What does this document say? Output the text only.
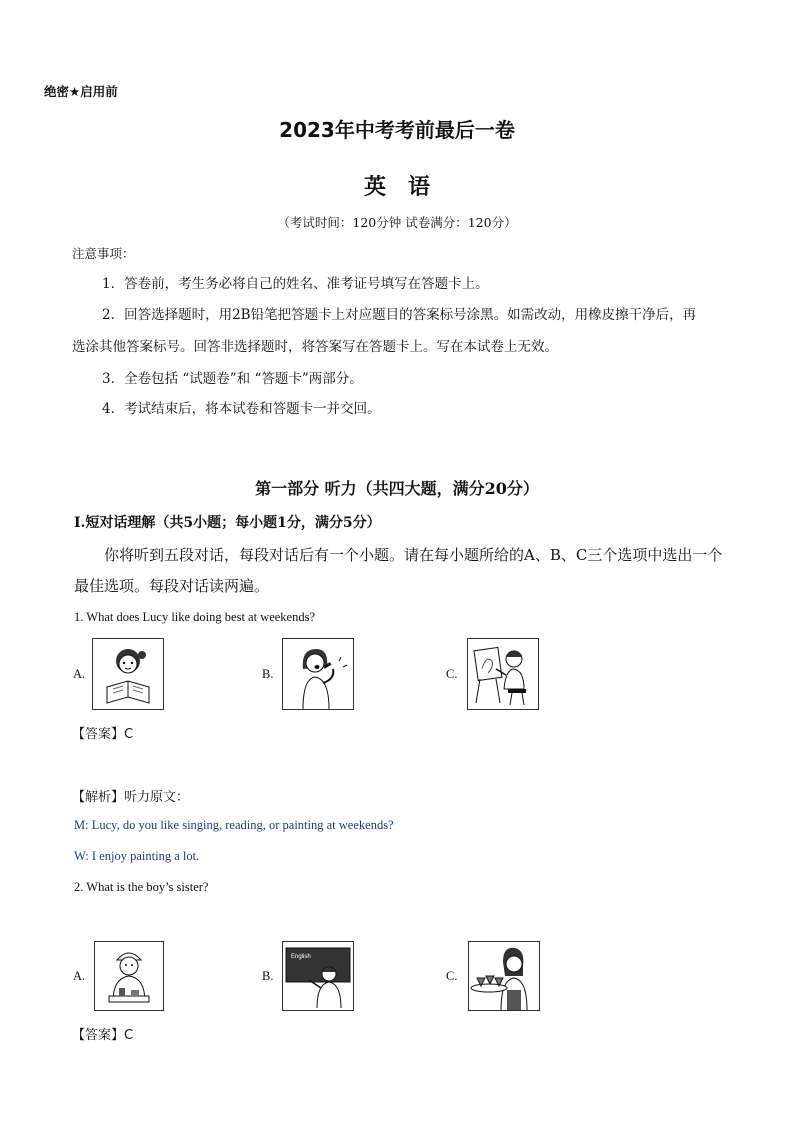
绝密★启用前
2023年中考考前最后一卷
英语
（考试时间：120分钟 试卷满分：120分）
注意事项：
1．答卷前，考生务必将自己的姓名、准考证号填写在答题卡上。
2．回答选择题时，用2B铅笔把答题卡上对应题目的答案标号涂黑。如需改动，用橡皮擦干净后，再
选涂其他答案标号。回答非选择题时，将答案写在答题卡上。写在本试卷上无效。
3．全卷包括 “试题卷”和 “答题卡”两部分。
4．考试结束后，将本试卷和答题卡一并交回。
第一部分 听力（共四大题，满分20分）
Ⅰ.短对话理解（共5小题；每小题1分，满分5分）
你将听到五段对话，每段对话后有一个小题。请在每小题所给的A、B、C三个选项中选出一个最佳选项。每段对话读两遍。
1. What does Lucy like doing best at weekends?
A.	B.	C.
【答案】C
【解析】听力原文：
M: Lucy, do you like singing, reading, or painting at weekends?
W: I enjoy painting a lot.
2. What is the boy’s sister?
A.	B.
English
C.
【答案】C
